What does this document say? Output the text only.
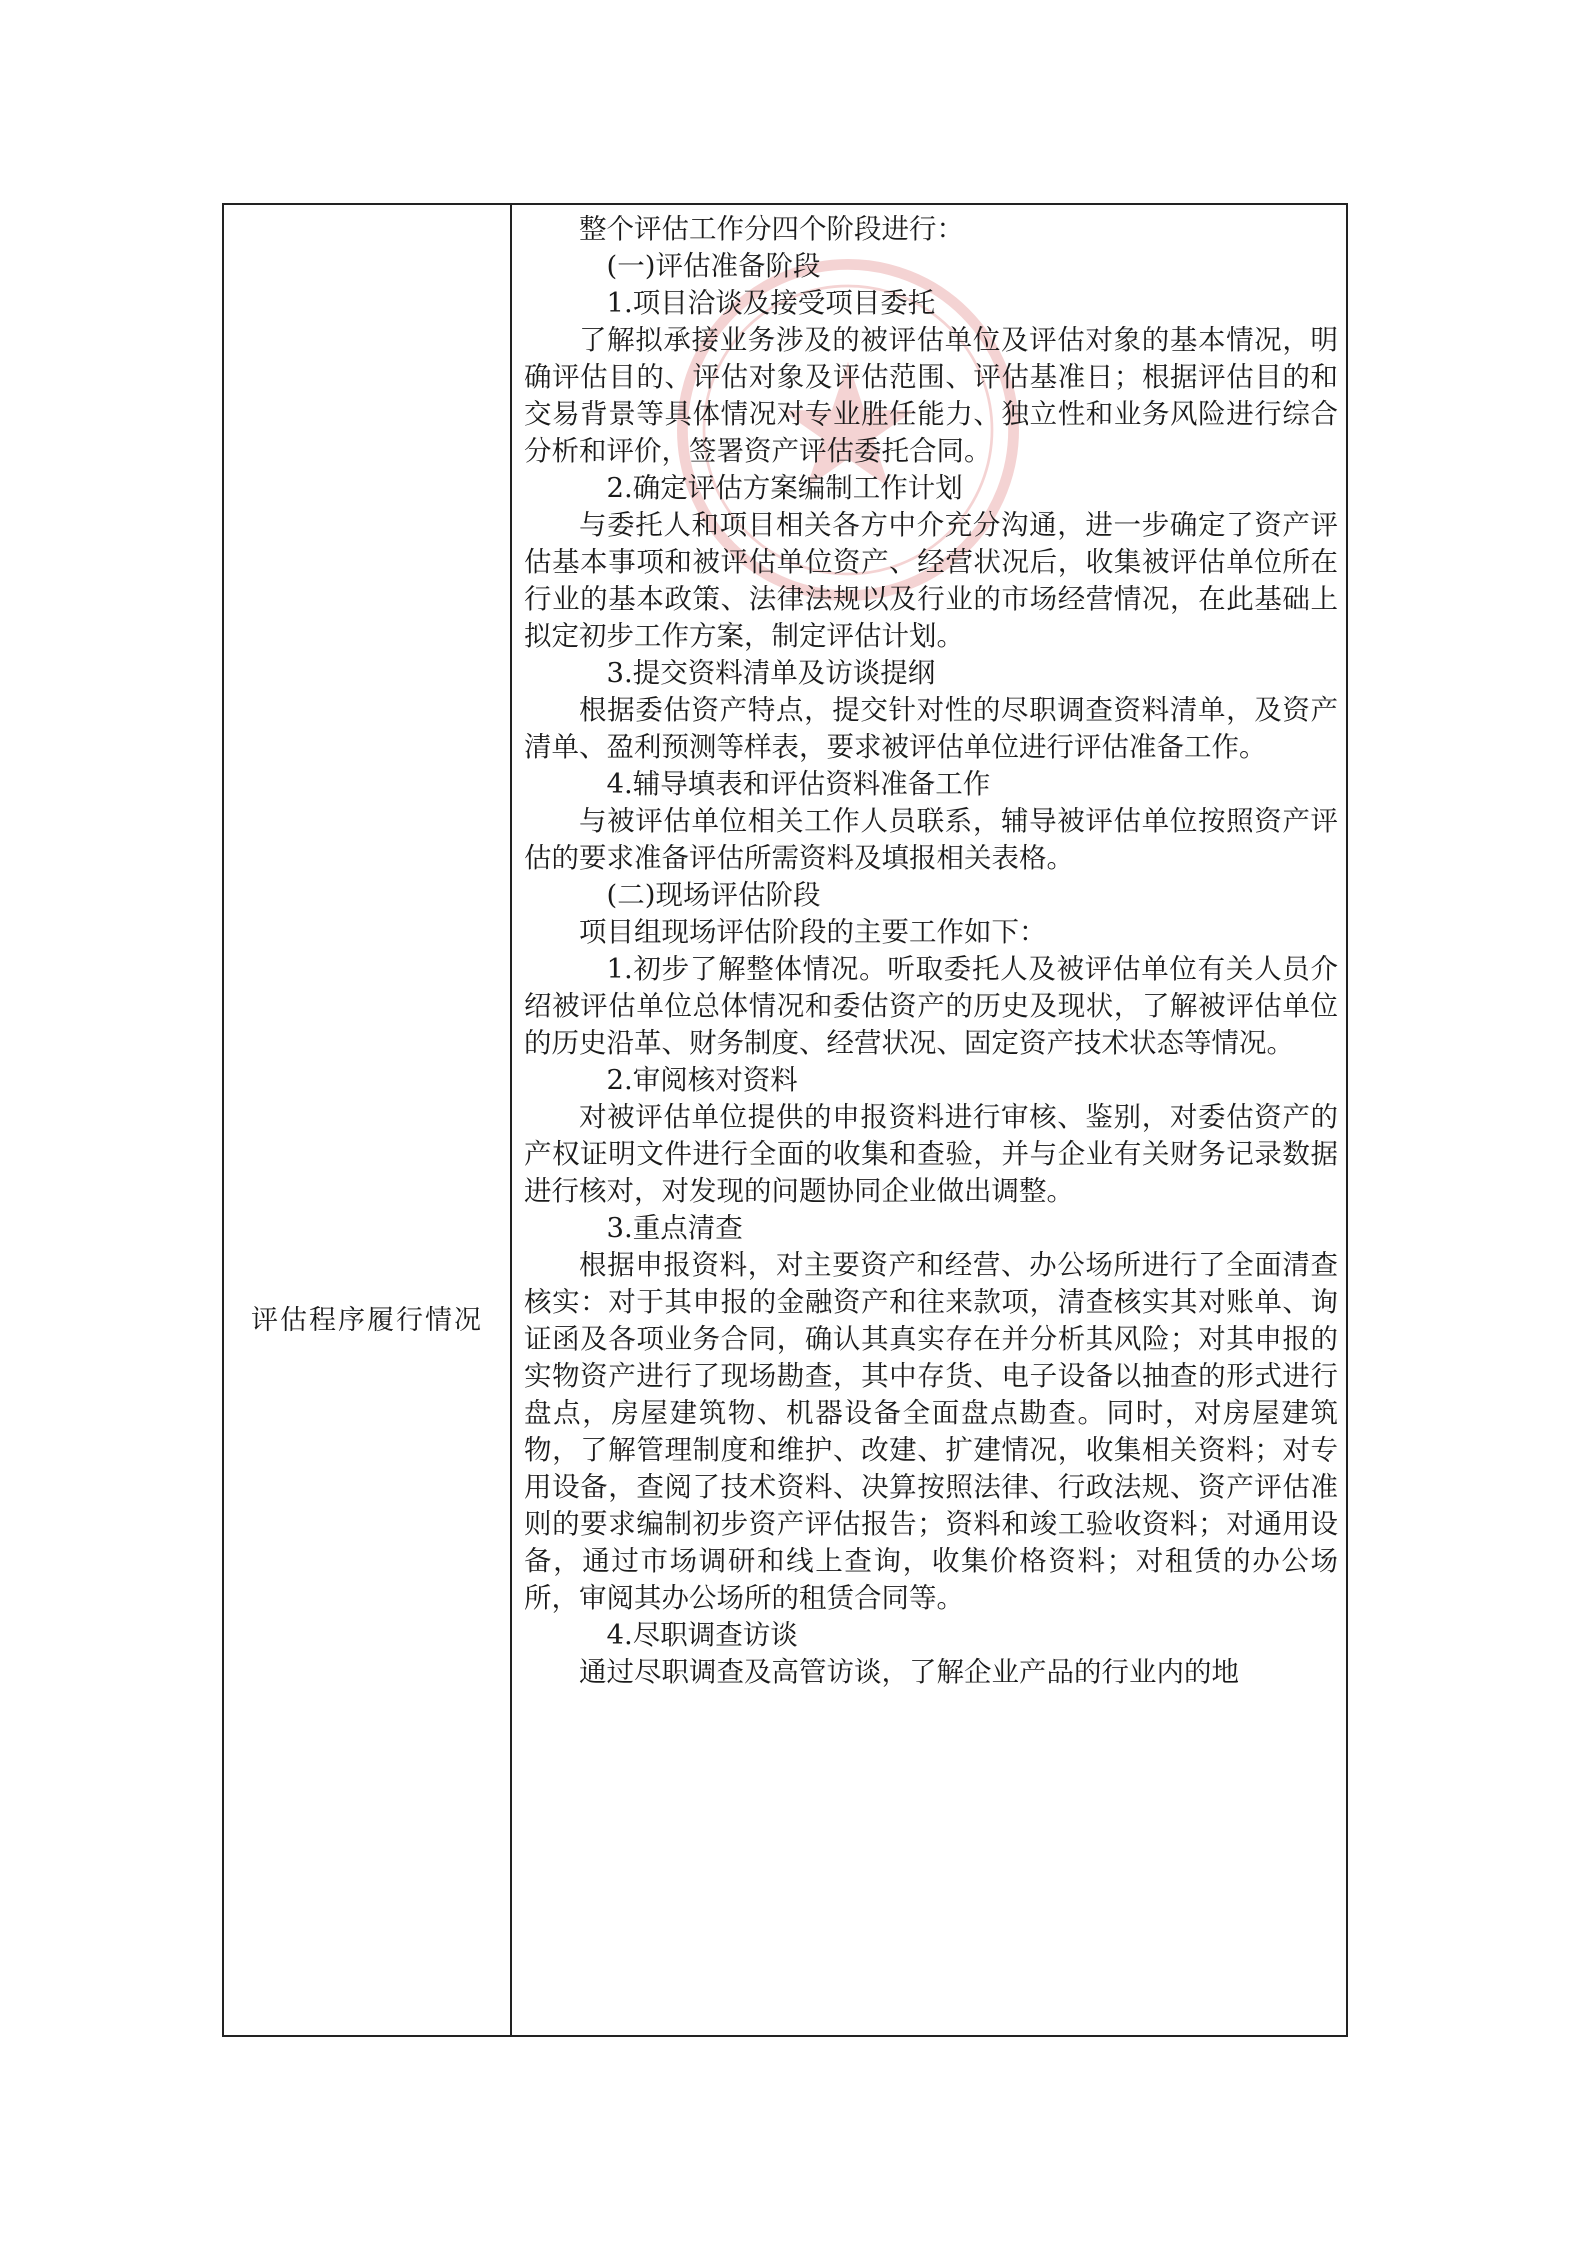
评估程序履行情况

整个评估工作分四个阶段进行：

(一)评估准备阶段

1.项目洽谈及接受项目委托

了解拟承接业务涉及的被评估单位及评估对象的基本情况，明确评估目的、评估对象及评估范围、评估基准日；根据评估目的和交易背景等具体情况对专业胜任能力、独立性和业务风险进行综合分析和评价，签署资产评估委托合同。

2.确定评估方案编制工作计划

与委托人和项目相关各方中介充分沟通，进一步确定了资产评估基本事项和被评估单位资产、经营状况后，收集被评估单位所在行业的基本政策、法律法规以及行业的市场经营情况，在此基础上拟定初步工作方案，制定评估计划。

3.提交资料清单及访谈提纲

根据委估资产特点，提交针对性的尽职调查资料清单，及资产清单、盈利预测等样表，要求被评估单位进行评估准备工作。

4.辅导填表和评估资料准备工作

与被评估单位相关工作人员联系，辅导被评估单位按照资产评估的要求准备评估所需资料及填报相关表格。

(二)现场评估阶段

项目组现场评估阶段的主要工作如下：

1.初步了解整体情况。听取委托人及被评估单位有关人员介绍被评估单位总体情况和委估资产的历史及现状，了解被评估单位的历史沿革、财务制度、经营状况、固定资产技术状态等情况。

2.审阅核对资料

对被评估单位提供的申报资料进行审核、鉴别，对委估资产的产权证明文件进行全面的收集和查验，并与企业有关财务记录数据进行核对，对发现的问题协同企业做出调整。

3.重点清查

根据申报资料，对主要资产和经营、办公场所进行了全面清查核实：对于其申报的金融资产和往来款项，清查核实其对账单、询证函及各项业务合同，确认其真实存在并分析其风险；对其申报的实物资产进行了现场勘查，其中存货、电子设备以抽查的形式进行盘点，房屋建筑物、机器设备全面盘点勘查。同时，对房屋建筑物，了解管理制度和维护、改建、扩建情况，收集相关资料；对专用设备，查阅了技术资料、决算按照法律、行政法规、资产评估准则的要求编制初步资产评估报告；资料和竣工验收资料；对通用设备，通过市场调研和线上查询，收集价格资料；对租赁的办公场所，审阅其办公场所的租赁合同等。

4.尽职调查访谈

通过尽职调查及高管访谈，了解企业产品的行业内的地
